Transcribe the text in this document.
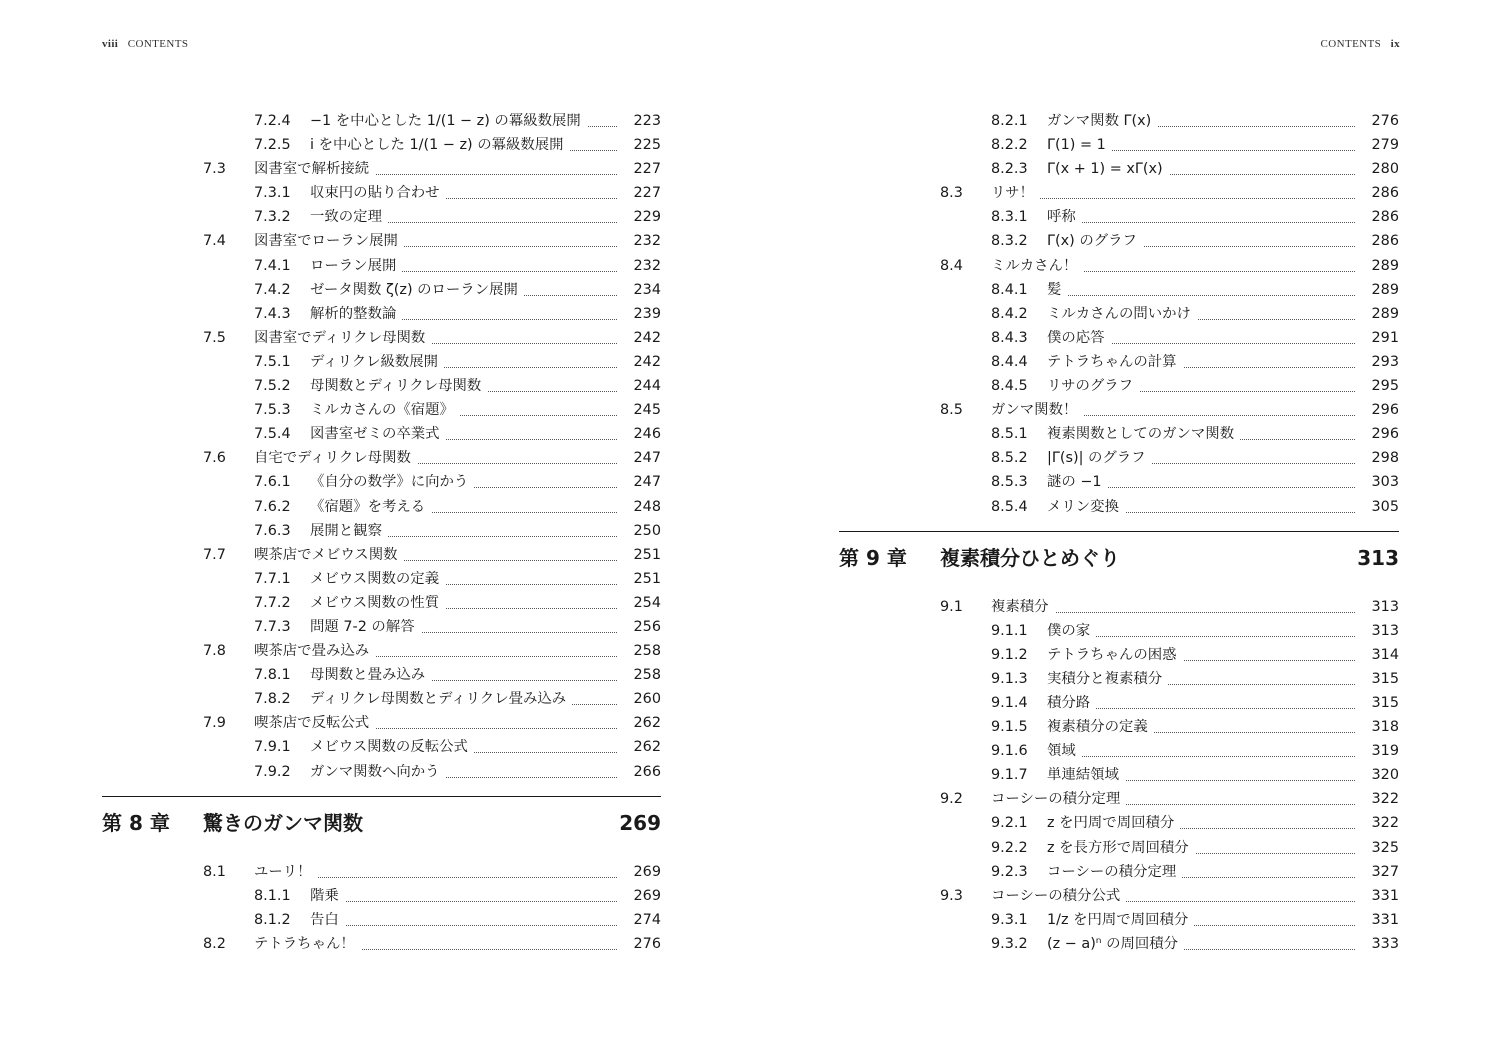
viii CONTENTS
7.2.4 −1 を中心とした 1/(1 − z) の冪級数展開	223
7.2.5 i を中心とした 1/(1 − z) の冪級数展開	225
7.3 図書室で解析接続	227
7.3.1 収束円の貼り合わせ	227
7.3.2 一致の定理	229
7.4 図書室でローラン展開	232
7.4.1 ローラン展開	232
7.4.2 ゼータ関数 ζ(z) のローラン展開	234
7.4.3 解析的整数論	239
7.5 図書室でディリクレ母関数	242
7.5.1 ディリクレ級数展開	242
7.5.2 母関数とディリクレ母関数	244
7.5.3 ミルカさんの《宿題》	245
7.5.4 図書室ゼミの卒業式	246
7.6 自宅でディリクレ母関数	247
7.6.1 《自分の数学》に向かう	247
7.6.2 《宿題》を考える	248
7.6.3 展開と観察	250
7.7 喫茶店でメビウス関数	251
7.7.1 メビウス関数の定義	251
7.7.2 メビウス関数の性質	254
7.7.3 問題 7-2 の解答	256
7.8 喫茶店で畳み込み	258
7.8.1 母関数と畳み込み	258
7.8.2 ディリクレ母関数とディリクレ畳み込み	260
7.9 喫茶店で反転公式	262
7.9.1 メビウス関数の反転公式	262
7.9.2 ガンマ関数へ向かう	266
第 8 章 驚きのガンマ関数	269
8.1 ユーリ！	269
8.1.1 階乗	269
8.1.2 告白	274
8.2 テトラちゃん！	276
CONTENTS ix
8.2.1 ガンマ関数 Γ(x)	276
8.2.2 Γ(1) = 1	279
8.2.3 Γ(x + 1) = xΓ(x)	280
8.3 リサ！	286
8.3.1 呼称	286
8.3.2 Γ(x) のグラフ	286
8.4 ミルカさん！	289
8.4.1 髪	289
8.4.2 ミルカさんの問いかけ	289
8.4.3 僕の応答	291
8.4.4 テトラちゃんの計算	293
8.4.5 リサのグラフ	295
8.5 ガンマ関数！	296
8.5.1 複素関数としてのガンマ関数	296
8.5.2 |Γ(s)| のグラフ	298
8.5.3 謎の −1	303
8.5.4 メリン変換	305
第 9 章 複素積分ひとめぐり	313
9.1 複素積分	313
9.1.1 僕の家	313
9.1.2 テトラちゃんの困惑	314
9.1.3 実積分と複素積分	315
9.1.4 積分路	315
9.1.5 複素積分の定義	318
9.1.6 領域	319
9.1.7 単連結領域	320
9.2 コーシーの積分定理	322
9.2.1 z を円周で周回積分	322
9.2.2 z を長方形で周回積分	325
9.2.3 コーシーの積分定理	327
9.3 コーシーの積分公式	331
9.3.1 1/z を円周で周回積分	331
9.3.2 (z − a)ⁿ の周回積分	333
